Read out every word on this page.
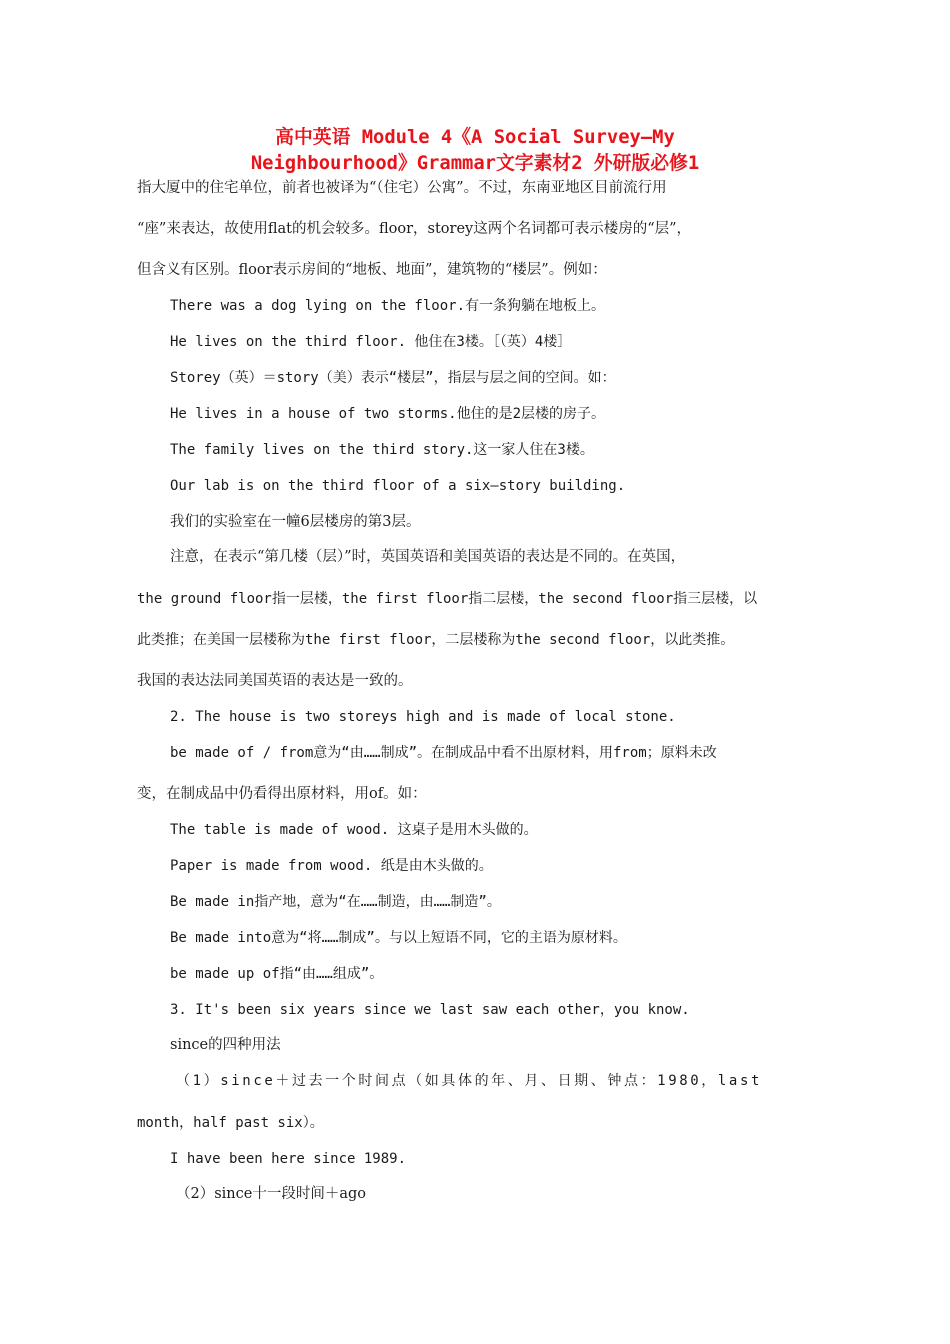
高中英语 Module 4《A Social Survey—My
Neighbourhood》Grammar文字素材2 外研版必修1
指大厦中的住宅单位，前者也被译为“（住宅）公寓”。不过，东南亚地区目前流行用
“座”来表达，故使用flat的机会较多。floor，storey这两个名词都可表示楼房的“层”，
但含义有区别。floor表示房间的“地板、地面”，建筑物的“楼层”。例如：
There was a dog lying on the floor.有一条狗躺在地板上。
He lives on the third floor. 他住在3楼。［（英）4楼］
Storey（英）＝story（美）表示“楼层”，指层与层之间的空间。如：
He lives in a house of two storms.他住的是2层楼的房子。
The family lives on the third story.这一家人住在3楼。
Our lab is on the third floor of a six—story building.
我们的实验室在一幢6层楼房的第3层。
注意，在表示“第几楼（层）”时，英国英语和美国英语的表达是不同的。在英国，
the ground floor指一层楼，the first floor指二层楼，the second floor指三层楼，以
此类推；在美国一层楼称为the first floor，二层楼称为the second floor，以此类推。
我国的表达法同美国英语的表达是一致的。
2. The house is two storeys high and is made of local stone.
be made of / from意为“由……制成”。在制成品中看不出原材料，用from；原料未改
变，在制成品中仍看得出原材料，用of。如：
The table is made of wood. 这桌子是用木头做的。
Paper is made from wood. 纸是由木头做的。
Be made in指产地，意为“在……制造，由……制造”。
Be made into意为“将……制成”。与以上短语不同，它的主语为原材料。
be made up of指“由……组成”。
3. It's been six years since we last saw each other，you know.
since的四种用法
（1）since＋过去一个时间点（如具体的年、月、日期、钟点：1980，last
month，half past six）。
I have been here since 1989.
（2）since十一段时间＋ago
